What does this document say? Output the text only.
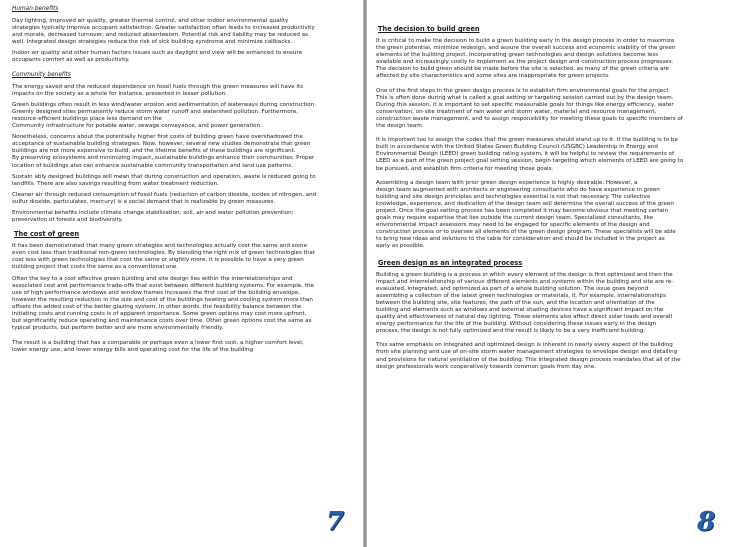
Human benefits

Day lighting, improved air quality, greater thermal control, and other indoor environmental quality
strategies typically improve occupant satisfaction. Greater satisfaction often leads to increased productivity
and morale, decreased turnover, and reduced absenteeism. Potential risk and liability may be reduced as
well. Integrated design strategies reduce the risk of sick building syndrome and minimize callbacks.

Indoor air quality and other human factors issues such as daylight and view will be enhanced to ensure
occupants comfort as well as productivity.

Community benefits

The energy saved and the reduced dependence on fossil fuels through the green measures will have its
impacts on the society as a whole for instance, presented in lesser pollution.

Green buildings often result in less wind/water erosion and sedimentation of waterways during construction.
Greenly designed sites permanently reduce storm water runoff and watershed pollution. Furthermore,
resource-efficient buildings place less demand on the
Community infrastructure for potable water, sewage conveyance, and power generation.

Nonetheless, concerns about the potentially higher first costs of building green have overshadowed the
acceptance of sustainable building strategies. Now, however, several new studies demonstrate that green
buildings are not more expensive to build, and the lifetime benefits of these buildings are significant.
By preserving ecosystems and minimizing impact, sustainable buildings enhance their communities. Proper
location of buildings also can enhance sustainable community transportation and land use patterns.

Sustain ably designed buildings will mean that during construction and operation, waste is reduced going to
landfills. There are also savings resulting from water treatment reduction.

Cleaner air through reduced consumption of fossil fuels (reduction of carbon dioxide, oxides of nitrogen, and
sulfur dioxide, particulates, mercury) is a social demand that is realizable by green measures.

Environmental benefits include climate change stabilization; soil, air and water pollution prevention;
preservation of forests and biodiversity.

The cost of green

It has been demonstrated that many green strategies and technologies actually cost the same and some
even cost less than traditional non-green technologies. By blending the right mix of green technologies that
cost less with green technologies that cost the same or slightly more, it is possible to have a very green
building project that costs the same as a conventional one.

Often the key to a cost effective green building and site design lies within the interrelationships and
associated cost and performance trade-offs that exist between different building systems. For example, the
use of high performance windows and window frames increases the first cost of the building envelope,
however the resulting reduction in the size and cost of the buildings heating and cooling system more than
offsets the added cost of the better glazing system. In other words, the feasibility balance between the
initiating costs and running costs is of apparent importance. Some green options may cost more upfront,
but significantly reduce operating and maintenance costs over time. Other green options cost the same as
typical products, but perform better and are more environmentally friendly.

The result is a building that has a comparable or perhaps even a lower first cost, a higher comfort level,
lower energy use, and lower energy bills and operating cost for the life of the building

7
The decision to build green

It is critical to make the decision to build a green building early in the design process in order to maximize
the green potential, minimize redesign, and assure the overall success and economic viability of the green
elements of the building project. Incorporating green technologies and design solutions become less
available and increasingly costly to implement as the project design and construction process progresses.
The decision to build green should be made before the site is selected, as many of the green criteria are
affected by site characteristics and some sites are inappropriate for green projects.

One of the first steps in the green design process is to establish firm environmental goals for the project.
This is often done during what is called a goal setting or targeting session carried out by the design team.
During this session, it is important to set specific measurable goals for things like energy efficiency, water
conservation, on-site treatment of rain water and storm water, material and resource management,
construction waste management, and to assign responsibility for meeting these goals to specific members of
the design team.

It is important too to assign the codes that the green measures should stand up to it. If the building is to be
built in accordance with the United States Green Building Council (USGBC) Leadership in Energy and
Environmental Design (LEED) green building rating system, it will be helpful to review the requirements of
LEED as a part of the green project goal setting session, begin targeting which elements of LEED are going to
be pursued, and establish firm criteria for meeting those goals.

Assembling a design team with prior green design experience is highly desirable. However, a
design team augmented with architects or engineering consultants who do have experience in green
building and site design principles and technologies essential is not that necessary. The collective
knowledge, experience, and dedication of the design team will determine the overall success of the green
project. Once the goal setting process has been completed it may become obvious that meeting certain
goals may require expertise that lies outside the current design team. Specialized consultants, like
environmental impact assessors may need to be engaged for specific elements of the design and
construction process or to oversee all elements of the green design program. These specialists will be able
to bring new ideas and solutions to the table for consideration and should be included in the project as
early as possible.

Green design as an integrated process

Building a green building is a process in which every element of the design is first optimized and then the
impact and interrelationship of various different elements and systems within the building and site are re-
evaluated, integrated, and optimized as part of a whole building solution. The issue goes beyond
assembling a collection of the latest green technologies or materials, it. For example, interrelationships
between the building site, site features, the path of the sun, and the location and orientation of the
building and elements such as windows and external shading devices have a significant impact on the
quality and effectiveness of natural day lighting. These elements also affect direct solar loads and overall
energy performance for the life of the building. Without considering these issues early in the design
process, the design is not fully optimized and the result is likely to be a very inefficient building.

This same emphasis on integrated and optimized design is inherent in nearly every aspect of the building
from site planning and use of on-site storm water management strategies to envelope design and detailing
and provisions for natural ventilation of the building. This integrated design process mandates that all of the
design professionals work cooperatively towards common goals from day one.

8
